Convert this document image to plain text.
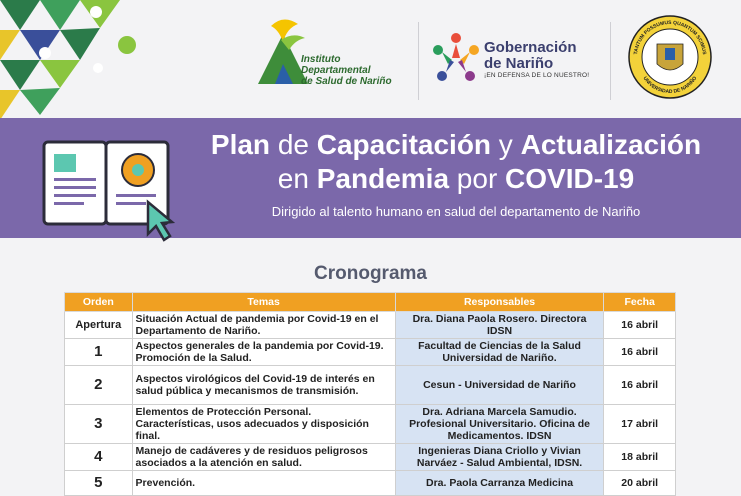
Instituto
Departamental
de Salud de Nariño
Gobernación
de Nariño
¡EN DEFENSA DE LO NUESTRO!
TANTUM POSSUMUS QUANTUM SCIMUS
UNIVERSIDAD DE NARIÑO
Plan de Capacitación y Actualización
en Pandemia por COVID-19
Dirigido al talento humano en salud del departamento de Nariño
Cronograma
Orden	Temas	Responsables	Fecha
Apertura	Situación Actual de pandemia por Covid-19 en el Departamento de Nariño.	Dra. Diana Paola Rosero. Directora IDSN	16 abril
1	Aspectos generales de la pandemia por Covid-19. Promoción de la Salud.	Facultad de Ciencias de la Salud Universidad de Nariño.	16 abril
2	Aspectos virológicos del Covid-19 de interés en salud pública y mecanismos de transmisión.	Cesun - Universidad de Nariño	16 abril
3	Elementos de Protección Personal. Características, usos adecuados y disposición final.	Dra. Adriana Marcela Samudio. Profesional Universitario. Oficina de Medicamentos. IDSN	17 abril
4	Manejo de cadáveres y de residuos peligrosos asociados a la atención en salud.	Ingenieras Diana Criollo y Vivian Narváez - Salud Ambiental, IDSN.	18 abril
5	Prevención.	Dra. Paola Carranza Medicina	20 abril
